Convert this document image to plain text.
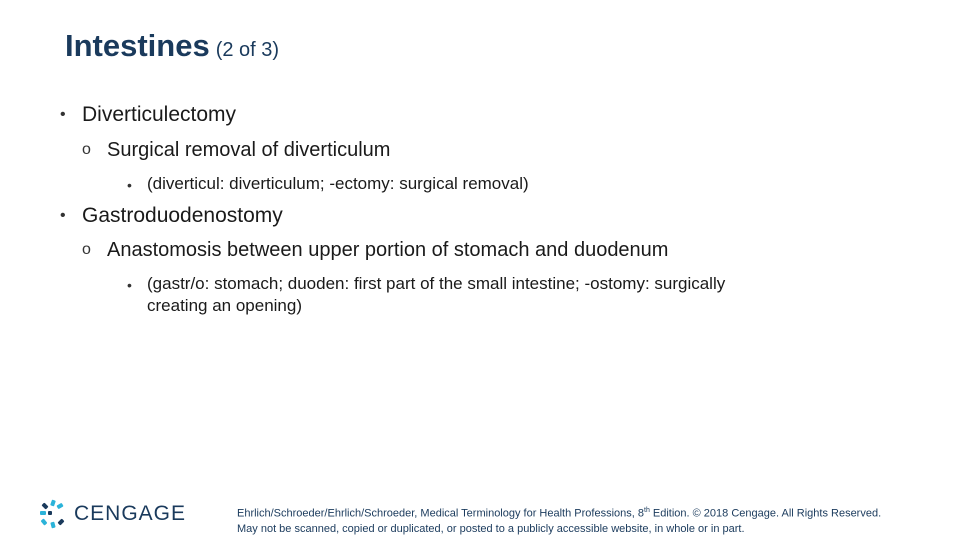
Intestines (2 of 3)
• Diverticulectomy
o Surgical removal of diverticulum
• (diverticul: diverticulum; -ectomy: surgical removal)
• Gastroduodenostomy
o Anastomosis between upper portion of stomach and duodenum
• (gastr/o: stomach; duoden: first part of the small intestine; -ostomy: surgically
creating an opening)
CENGAGE	Ehrlich/Schroeder/Ehrlich/Schroeder, Medical Terminology for Health Professions, 8th Edition. © 2018 Cengage. All Rights Reserved.
May not be scanned, copied or duplicated, or posted to a publicly accessible website, in whole or in part.
